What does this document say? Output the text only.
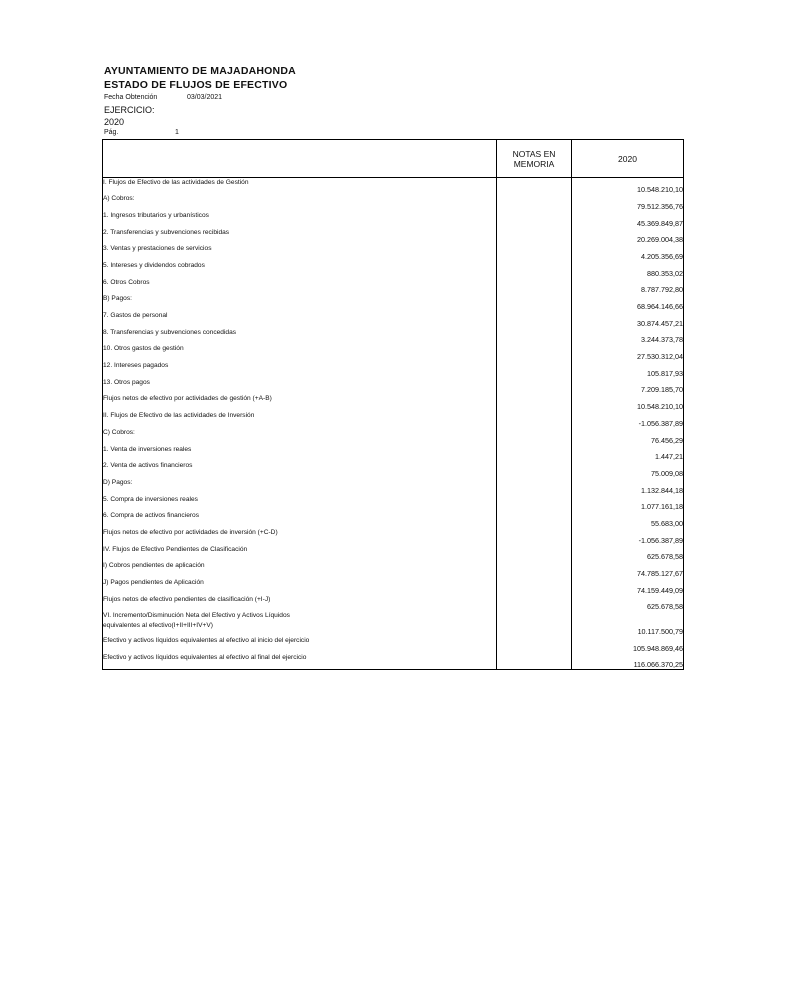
AYUNTAMIENTO DE MAJADAHONDA
ESTADO DE FLUJOS DE EFECTIVO
Fecha Obtención	03/03/2021
EJERCICIO:
2020
Pág.	1
	NOTAS EN MEMORIA	2020
I. Flujos de Efectivo de las actividades de Gestión		10.548.210,10
A) Cobros:		79.512.356,76
1. Ingresos tributarios y urbanísticos		45.369.849,87
2. Transferencias y subvenciones recibidas		20.269.004,38
3. Ventas y prestaciones de servicios		4.205.356,69
5. Intereses y dividendos cobrados		880.353,02
6. Otros Cobros		8.787.792,80
B) Pagos:		68.964.146,66
7. Gastos de personal		30.874.457,21
8. Transferencias y subvenciones concedidas		3.244.373,78
10. Otros gastos de gestión		27.530.312,04
12. Intereses pagados		105.817,93
13. Otros pagos		7.209.185,70
Flujos netos de efectivo por actividades de gestión (+A-B)		10.548.210,10
II. Flujos de Efectivo de las actividades de Inversión		-1.056.387,89
C) Cobros:		76.456,29
1. Venta de inversiones reales		1.447,21
2. Venta de activos financieros		75.009,08
D) Pagos:		1.132.844,18
5. Compra de inversiones reales		1.077.161,18
6. Compra de activos financieros		55.683,00
Flujos netos de efectivo por actividades de inversión (+C-D)		-1.056.387,89
IV. Flujos de Efectivo Pendientes de Clasificación		625.678,58
I) Cobros pendientes de aplicación		74.785.127,67
J) Pagos pendientes de Aplicación		74.159.449,09
Flujos netos de efectivo pendientes de clasificación (+I-J)		625.678,58

VI. Incremento/Disminución Neta del Efectivo y Activos Líquidos
equivalentes al efectivo(I+II+III+IV+V)		10.117.500,79
Efectivo y activos líquidos equivalentes al efectivo al inicio del ejercicio		105.948.869,46
Efectivo y activos líquidos equivalentes al efectivo al final del ejercicio		116.066.370,25
